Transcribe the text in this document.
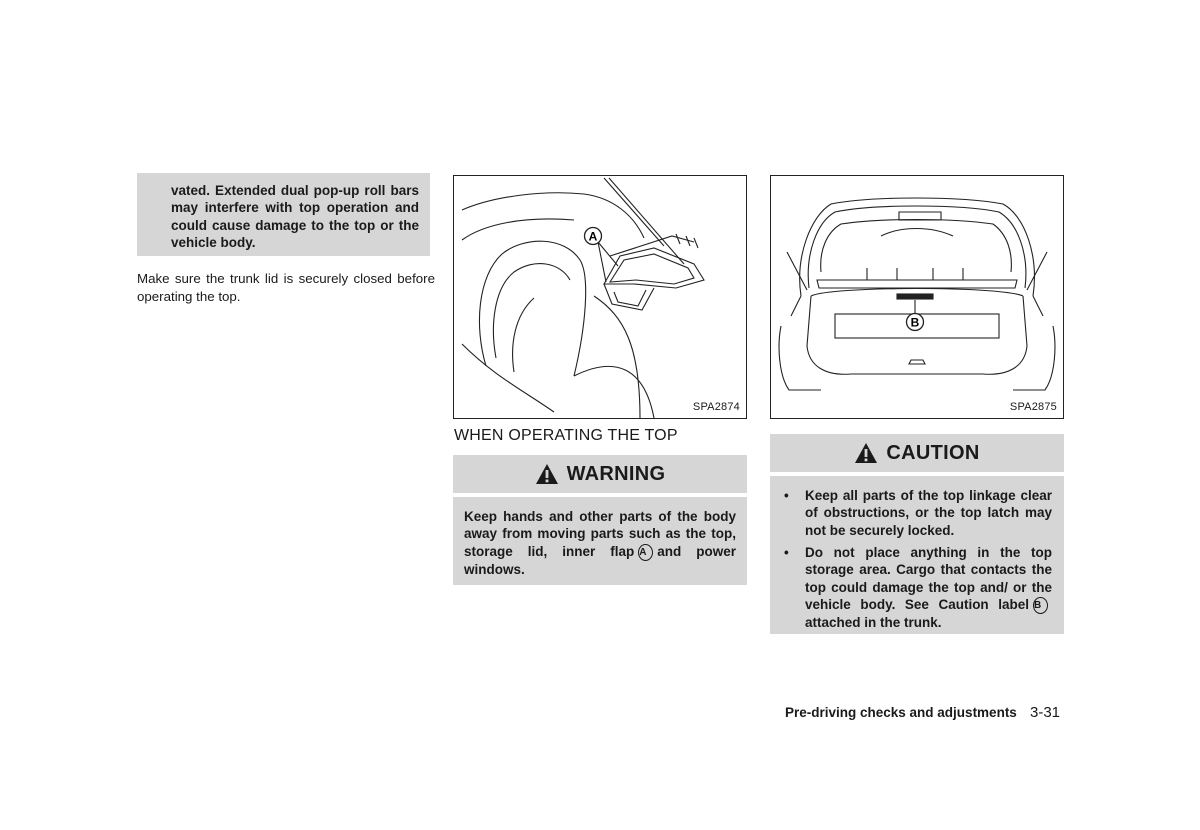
vated. Extended dual pop-up roll bars may interfere with top operation and could cause damage to the top or the vehicle body.
Make sure the trunk lid is securely closed before operating the top.
A
SPA2874
B
SPA2875
WHEN OPERATING THE TOP
WARNING
Keep hands and other parts of the body away from moving parts such as the top, storage lid, inner flap A and power windows.
CAUTION
• Keep all parts of the top linkage clear of obstructions, or the top latch may not be securely locked.
• Do not place anything in the top storage area. Cargo that contacts the top could damage the top and/ or the vehicle body. See Caution label Battached in the trunk.
Pre-driving checks and adjustments 3-31
